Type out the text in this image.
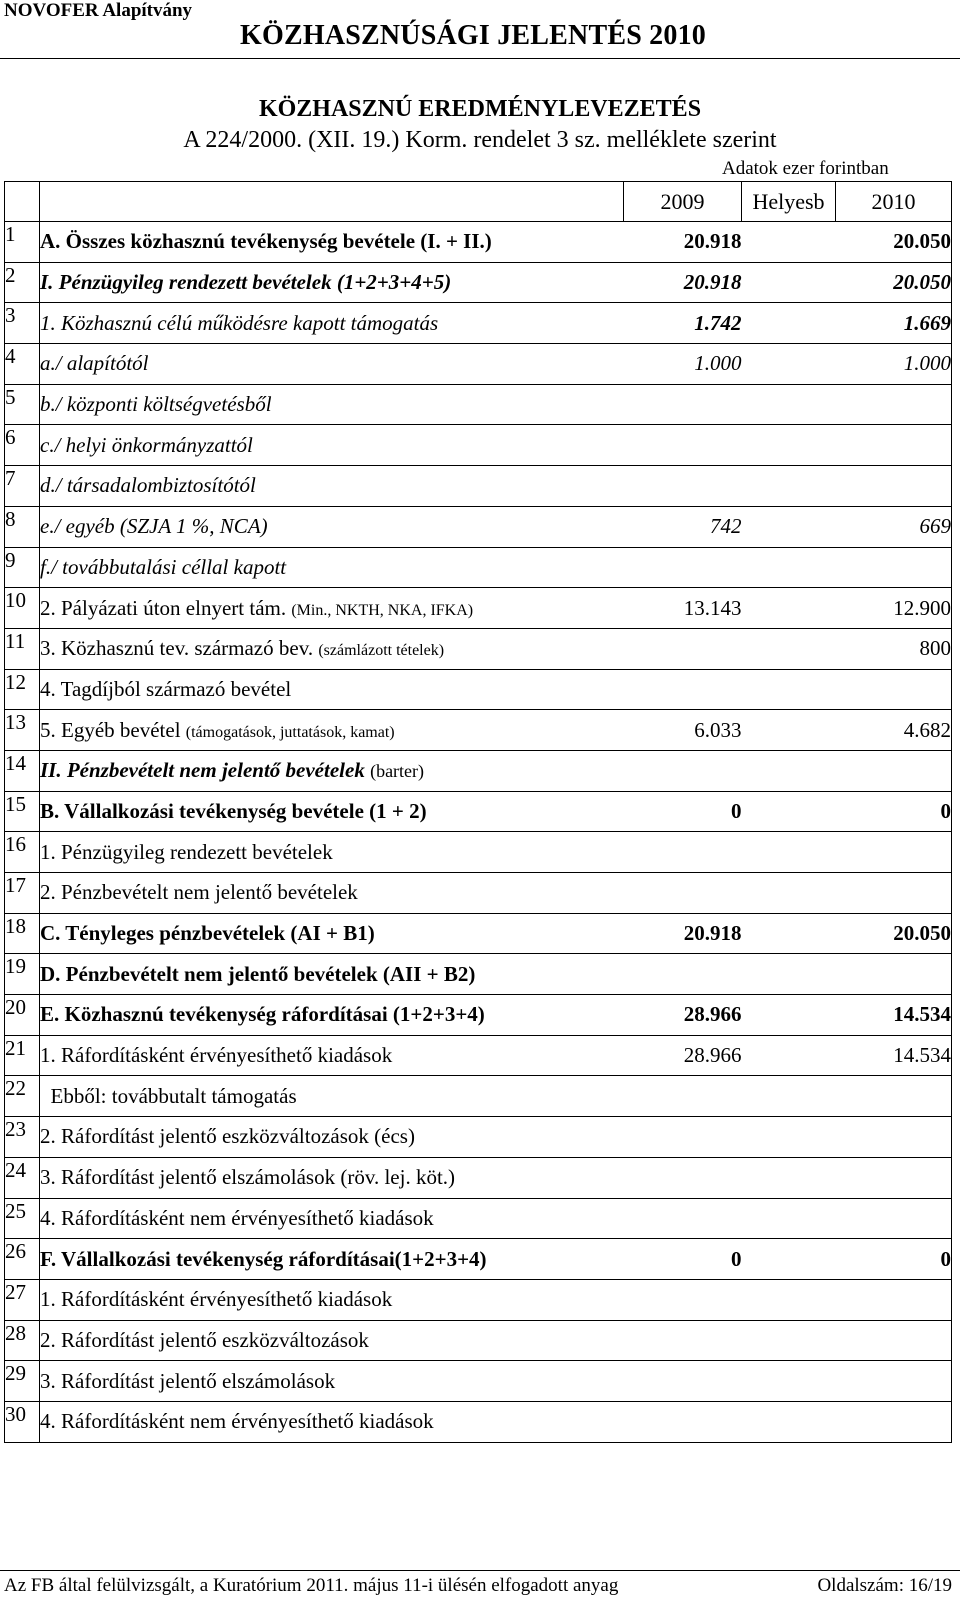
NOVOFER Alapítvány
KÖZHASZNÚSÁGI JELENTÉS 2010
KÖZHASZNÚ EREDMÉNYLEVEZETÉS
A 224/2000. (XII. 19.) Korm. rendelet 3 sz. melléklete szerint
Adatok ezer forintban
		2009	Helyesb	2010
1	A. Összes közhasznú tevékenység bevétele (I. + II.)	20.918		20.050
2	I. Pénzügyileg rendezett bevételek (1+2+3+4+5)	20.918		20.050
3	1. Közhasznú célú működésre kapott támogatás	1.742		1.669
4	a./ alapítótól	1.000		1.000
5	b./ központi költségvetésből			
6	c./ helyi önkormányzattól			
7	d./ társadalombiztosítótól			
8	e./ egyéb (SZJA 1 %, NCA)	742		669
9	f./ továbbutalási céllal kapott			
10	2. Pályázati úton elnyert tám. (Min., NKTH, NKA, IFKA)	13.143		12.900
11	3. Közhasznú tev. származó bev. (számlázott tételek)			800
12	4. Tagdíjból származó bevétel			
13	5. Egyéb bevétel (támogatások, juttatások, kamat)	6.033		4.682
14	II. Pénzbevételt nem jelentő bevételek (barter)			
15	B. Vállalkozási tevékenység bevétele (1 + 2)	0		0
16	1. Pénzügyileg rendezett bevételek			
17	2. Pénzbevételt nem jelentő bevételek			
18	C. Tényleges pénzbevételek (AI + B1)	20.918		20.050
19	D. Pénzbevételt nem jelentő bevételek (AII + B2)			
20	E. Közhasznú tevékenység ráfordításai (1+2+3+4)	28.966		14.534
21	1. Ráfordításként érvényesíthető kiadások	28.966		14.534
22	Ebből: továbbutalt támogatás			
23	2. Ráfordítást jelentő eszközváltozások (écs)			
24	3. Ráfordítást jelentő elszámolások (röv. lej. köt.)			
25	4. Ráfordításként nem érvényesíthető kiadások			
26	F. Vállalkozási tevékenység ráfordításai(1+2+3+4)	0		0
27	1. Ráfordításként érvényesíthető kiadások			
28	2. Ráfordítást jelentő eszközváltozások			
29	3. Ráfordítást jelentő elszámolások			
30	4. Ráfordításként nem érvényesíthető kiadások			
Az FB által felülvizsgált, a Kuratórium 2011. május 11-i ülésén elfogadott anyag	Oldalszám: 16/19
